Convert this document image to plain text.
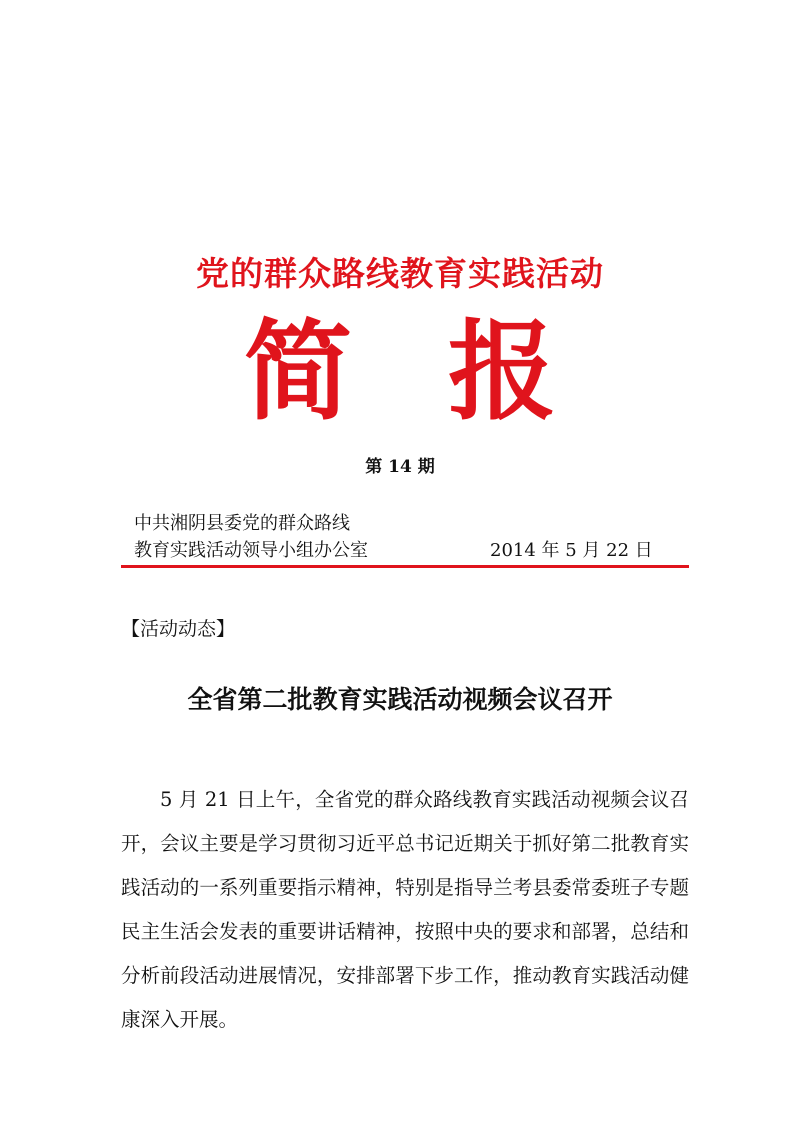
党的群众路线教育实践活动
简报
第 14 期
中共湘阴县委党的群众路线
教育实践活动领导小组办公室	2014 年 5 月 22 日
【活动动态】
全省第二批教育实践活动视频会议召开

5 月 21 日上午，全省党的群众路线教育实践活动视频会议召开，会议主要是学习贯彻习近平总书记近期关于抓好第二批教育实践活动的一系列重要指示精神，特别是指导兰考县委常委班子专题民主生活会发表的重要讲话精神，按照中央的要求和部署，总结和分析前段活动进展情况，安排部署下步工作，推动教育实践活动健康深入开展。
